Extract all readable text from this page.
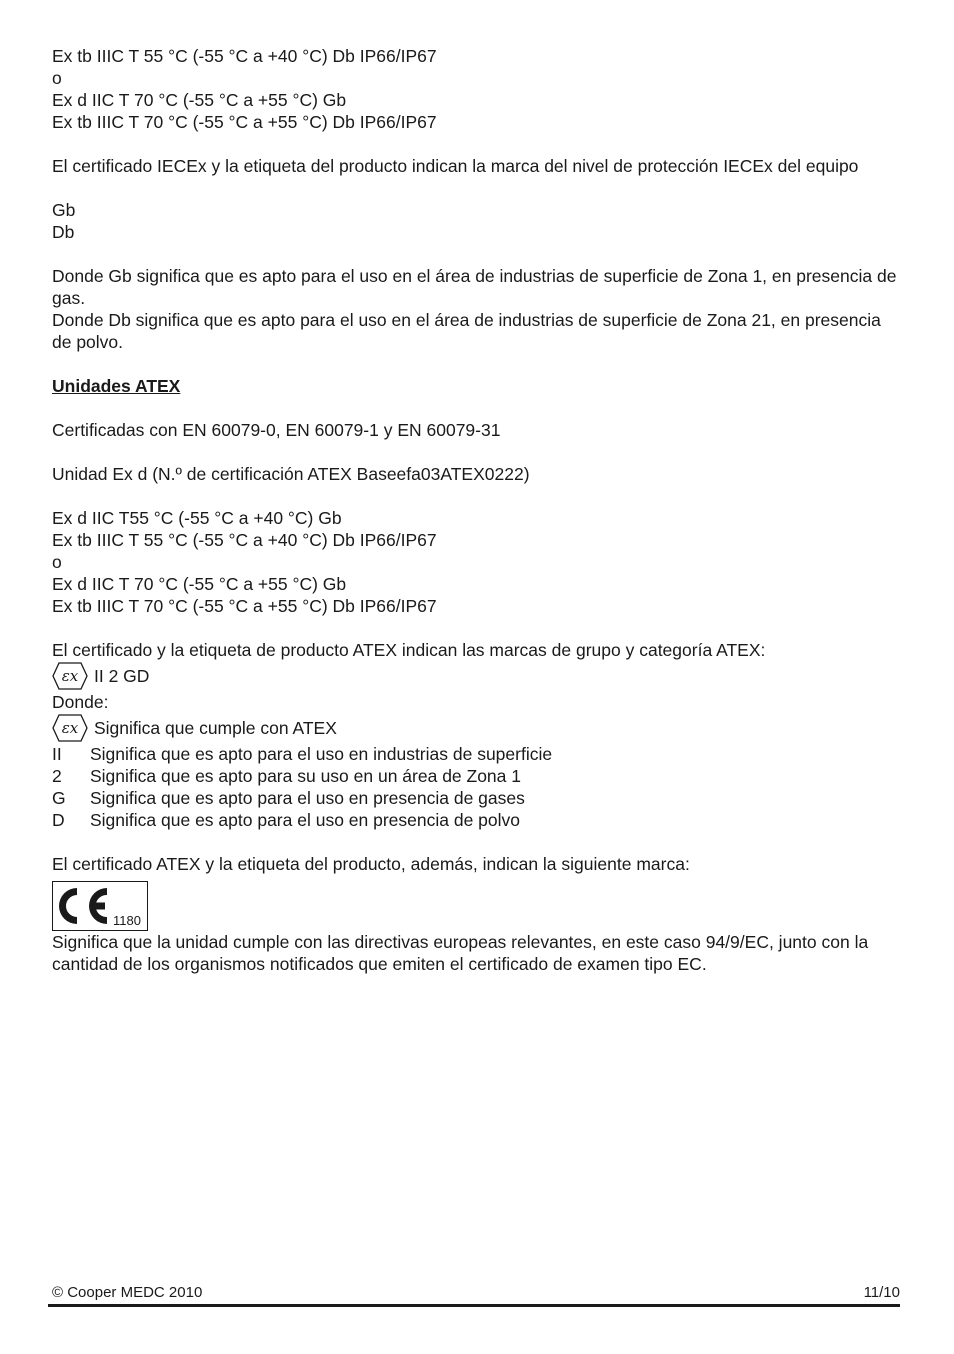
Ex tb IIIC T 55 °C (-55 °C a +40 °C) Db IP66/IP67
o
Ex d IIC T 70 °C (-55 °C a +55 °C) Gb
Ex tb IIIC T 70 °C (-55 °C a +55 °C) Db IP66/IP67
El certificado IECEx y la etiqueta del producto indican la marca del nivel de protección IECEx del equipo
Gb
Db
Donde Gb significa que es apto para el uso en el área de industrias de superficie de Zona 1, en presencia de gas.
Donde Db significa que es apto para el uso en el área de industrias de superficie de Zona 21, en presencia de polvo.
Unidades ATEX
Certificadas con EN 60079-0, EN 60079-1 y EN 60079-31
Unidad Ex d (N.º de certificación ATEX Baseefa03ATEX0222)
Ex d IIC T55 °C (-55 °C a +40 °C) Gb
Ex tb IIIC T 55 °C (-55 °C a +40 °C) Db IP66/IP67
o
Ex d IIC T 70 °C (-55 °C a +55 °C) Gb
Ex tb IIIC T 70 °C (-55 °C a +55 °C) Db IP66/IP67
El certificado y la etiqueta de producto ATEX indican las marcas de grupo y categoría ATEX:
εx II 2 GD
Donde:
εx Significa que cumple con ATEX
II	Significa que es apto para el uso en industrias de superficie
2	Significa que es apto para su uso en un área de Zona 1
G	Significa que es apto para el uso en presencia de gases
D	Significa que es apto para el uso en presencia de polvo
El certificado ATEX y la etiqueta del producto, además, indican la siguiente marca:
1180
Significa que la unidad cumple con las directivas europeas relevantes, en este caso 94/9/EC, junto con la cantidad de los organismos notificados que emiten el certificado de examen tipo EC.
© Cooper MEDC 2010	11/10
